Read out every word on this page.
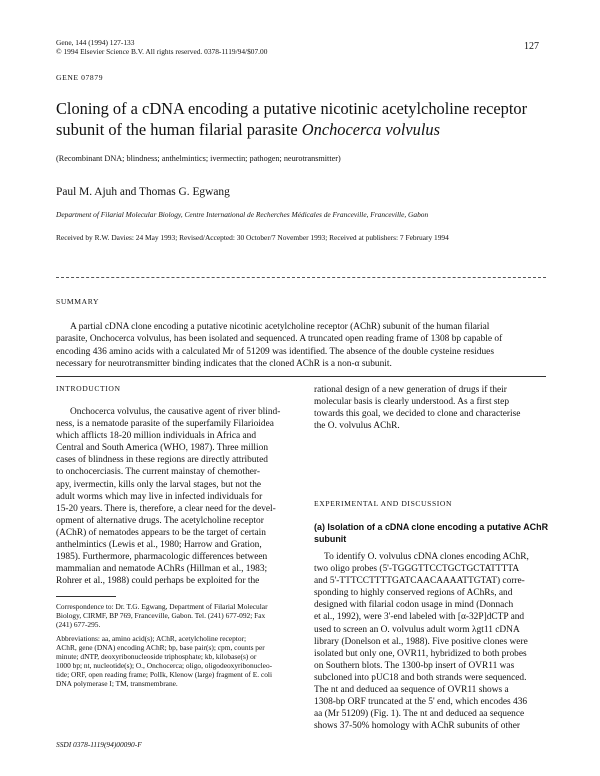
Gene, 144 (1994) 127-133
© 1994 Elsevier Science B.V. All rights reserved. 0378-1119/94/$07.00	127
GENE 07879
Cloning of a cDNA encoding a putative nicotinic acetylcholine receptor
subunit of the human filarial parasite Onchocerca volvulus
(Recombinant DNA; blindness; anthelmintics; ivermectin; pathogen; neurotransmitter)
Paul M. Ajuh and Thomas G. Egwang
Department of Filarial Molecular Biology, Centre International de Recherches Médicales de Franceville, Franceville, Gabon
Received by R.W. Davies: 24 May 1993; Revised/Accepted: 30 October/7 November 1993; Received at publishers: 7 February 1994
SUMMARY
A partial cDNA clone encoding a putative nicotinic acetylcholine receptor (AChR) subunit of the human filarial
parasite, Onchocerca volvulus, has been isolated and sequenced. A truncated open reading frame of 1308 bp capable of
encoding 436 amino acids with a calculated Mr of 51209 was identified. The absence of the double cysteine residues
necessary for neurotransmitter binding indicates that the cloned AChR is a non-α subunit.
INTRODUCTION
Onchocerca volvulus, the causative agent of river blind-
ness, is a nematode parasite of the superfamily Filarioidea
which afflicts 18-20 million individuals in Africa and
Central and South America (WHO, 1987). Three million
cases of blindness in these regions are directly attributed
to onchocerciasis. The current mainstay of chemother-
apy, ivermectin, kills only the larval stages, but not the
adult worms which may live in infected individuals for
15-20 years. There is, therefore, a clear need for the devel-
opment of alternative drugs. The acetylcholine receptor
(AChR) of nematodes appears to be the target of certain
anthelmintics (Lewis et al., 1980; Harrow and Gration,
1985). Furthermore, pharmacologic differences between
mammalian and nematode AChRs (Hillman et al., 1983;
Rohrer et al., 1988) could perhaps be exploited for the
Correspondence to: Dr. T.G. Egwang, Department of Filarial Molecular
Biology, CIRMF, BP 769, Franceville, Gabon. Tel. (241) 677-092; Fax
(241) 677-295.
Abbreviations: aa, amino acid(s); AChR, acetylcholine receptor;
AChR, gene (DNA) encoding AChR; bp, base pair(s); cpm, counts per
minute; dNTP, deoxyribonucleoside triphosphate; kb, kilobase(s) or
1000 bp; nt, nucleotide(s); O., Onchocerca; oligo, oligodeoxyribonucleo-
tide; ORF, open reading frame; PolIk, Klenow (large) fragment of E. coli
DNA polymerase I; TM, transmembrane.
SSDI 0378-1119(94)00090-F
rational design of a new generation of drugs if their
molecular basis is clearly understood. As a first step
towards this goal, we decided to clone and characterise
the O. volvulus AChR.
EXPERIMENTAL AND DISCUSSION
(a) Isolation of a cDNA clone encoding a putative AChR
subunit
To identify O. volvulus cDNA clones encoding AChR,
two oligo probes (5'-TGGGTTCCTGCTGCTATTTTA
and 5'-TTTCCTTTTGATCAACAAAATTGTAT) corre-
sponding to highly conserved regions of AChRs, and
designed with filarial codon usage in mind (Donnach
et al., 1992), were 3'-end labeled with [α-32P]dCTP and
used to screen an O. volvulus adult worm λgt11 cDNA
library (Donelson et al., 1988). Five positive clones were
isolated but only one, OVR11, hybridized to both probes
on Southern blots. The 1300-bp insert of OVR11 was
subcloned into pUC18 and both strands were sequenced.
The nt and deduced aa sequence of OVR11 shows a
1308-bp ORF truncated at the 5' end, which encodes 436
aa (Mr 51209) (Fig. 1). The nt and deduced aa sequence
shows 37-50% homology with AChR subunits of other
